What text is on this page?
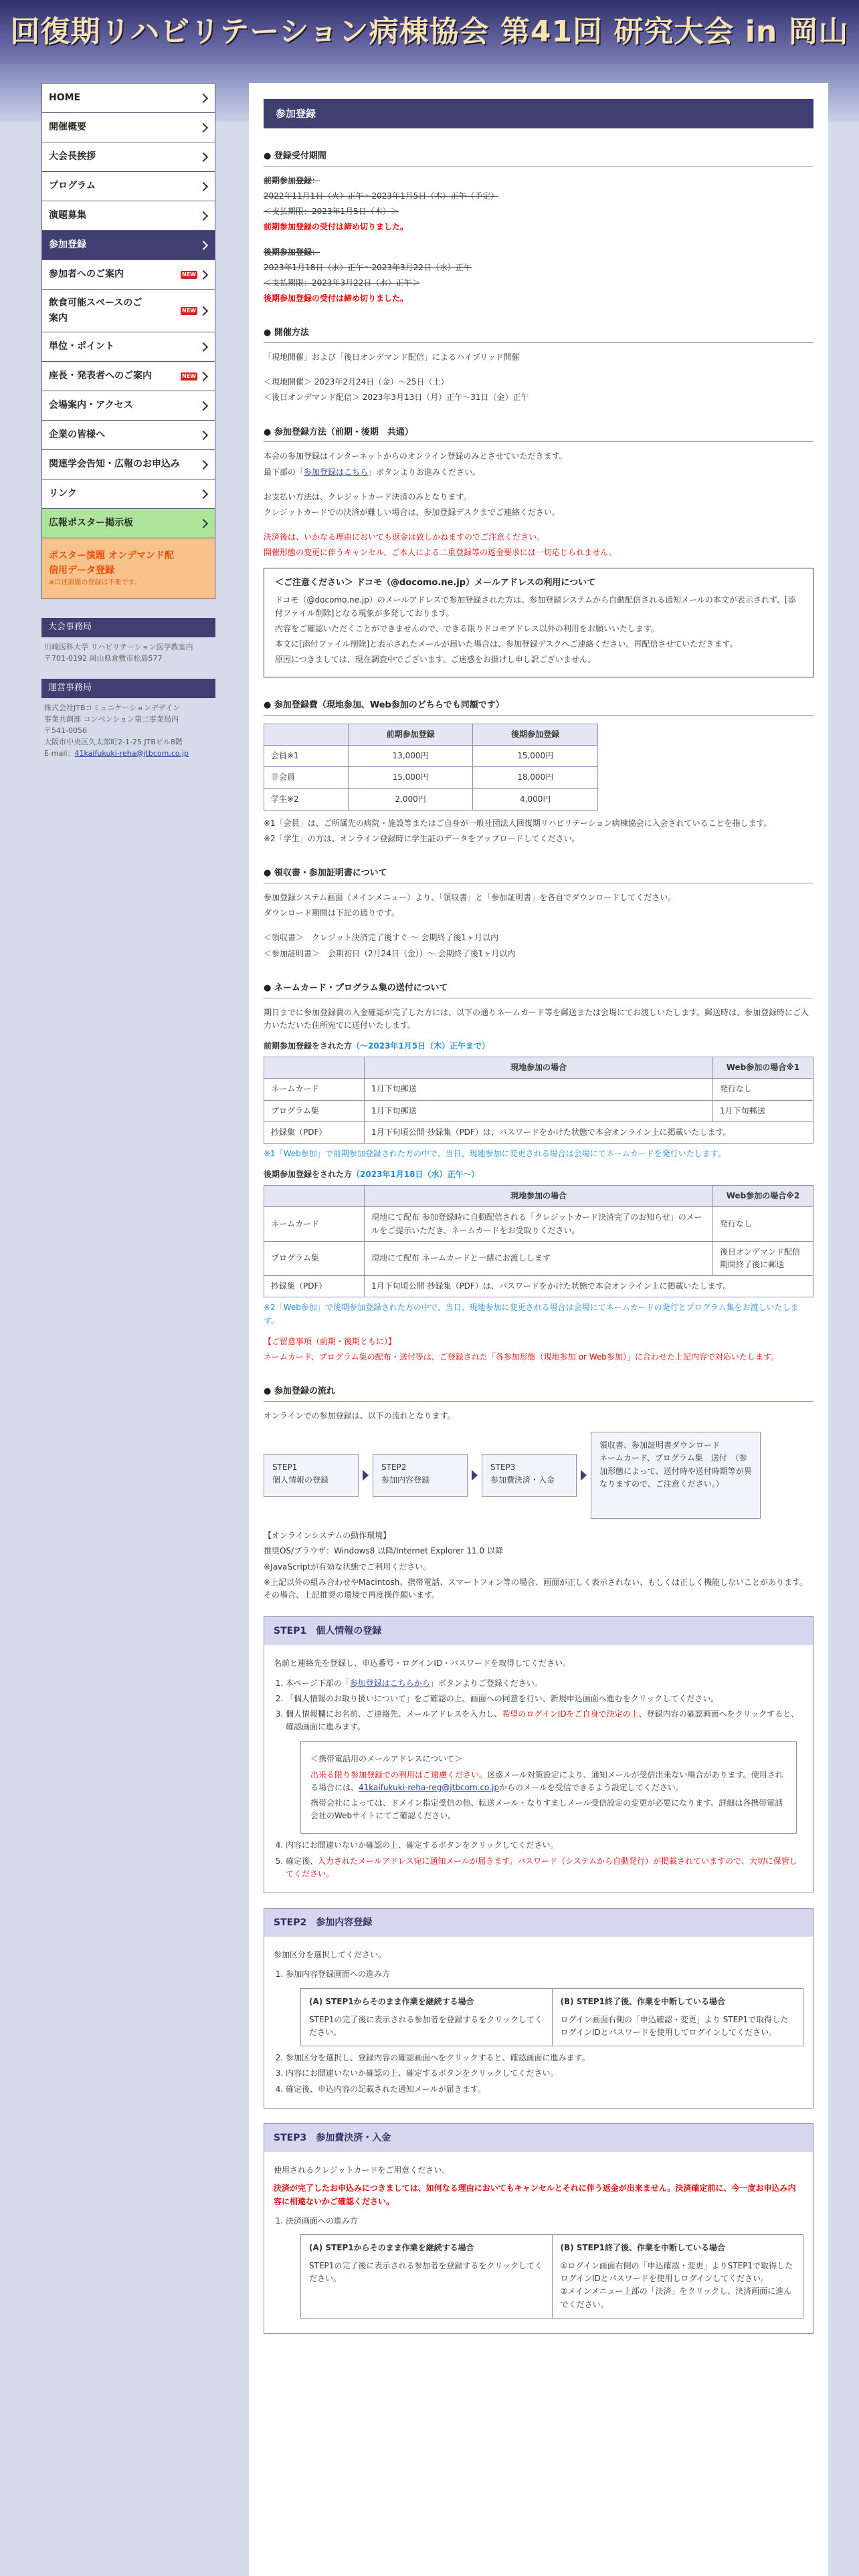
回復期リハビリテーション病棟協会 第41回 研究大会 in 岡山
HOME
開催概要
大会長挨拶
プログラム
演題募集
参加登録
参加者へのご案内	NEW
飲食可能スペースのご案内
NEW
単位・ポイント
座長・発表者へのご案内	NEW
会場案内・アクセス
企業の皆様へ
関連学会告知・広報のお申込み
リンク
広報ポスター掲示板
ポスター演題 オンデマンド配信用データ登録
※口述演題の登録は不要です。
大会事務局
川崎医科大学 リハビリテーション医学教室内
〒701-0192 岡山県倉敷市松島577
運営事務局
株式会社JTBコミュニケーションデザイン
事業共創部 コンベンション第二事業局内
〒541-0056
大阪市中央区久太郎町2-1-25 JTBビル8階
E-mail：41kaifukuki-reha@jtbcom.co.jp
参加登録
● 登録受付期間
前期参加登録：
2022年11月1日（火）正午〜2023年1月5日（木）正午（予定）
＜支払期限：2023年1月5日（木）＞
前期参加登録の受付は締め切りました。
後期参加登録：
2023年1月18日（水）正午〜2023年3月22日（水）正午
＜支払期限：2023年3月22日（水）正午＞
後期参加登録の受付は締め切りました。
● 開催方法
「現地開催」および「後日オンデマンド配信」によるハイブリッド開催
＜現地開催＞ 2023年2月24日（金）〜25日（土）
＜後日オンデマンド配信＞ 2023年3月13日（月）正午〜31日（金）正午
● 参加登録方法（前期・後期　共通）
本会の参加登録はインターネットからのオンライン登録のみとさせていただきます。
最下部の「参加登録はこちら」ボタンよりお進みください。
お支払い方法は、クレジットカード決済のみとなります。
クレジットカードでの決済が難しい場合は、参加登録デスクまでご連絡ください。
決済後は、いかなる理由においても返金は致しかねますのでご注意ください。
開催形態の変更に伴うキャンセル、ご本人による二重登録等の返金要求には一切応じられません。
＜ご注意ください＞ ドコモ（@docomo.ne.jp）メールアドレスの利用について
ドコモ（@docomo.ne.jp）のメールアドレスで参加登録された方は、参加登録システムから自動配信される通知メールの本文が表示されず、[添付ファイル削除]となる現象が多発しております。
内容をご確認いただくことができませんので、できる限りドコモアドレス以外の利用をお願いいたします。
本文に[添付ファイル削除]と表示されたメールが届いた場合は、参加登録デスクへご連絡ください。再配信させていただきます。
原因につきましては、現在調査中でございます。ご迷惑をお掛けし申し訳ございません。
● 参加登録費（現地参加、Web参加のどちらでも同額です）
	前期参加登録	後期参加登録
会員※1	13,000円	15,000円
非会員	15,000円	18,000円
学生※2	2,000円	4,000円
※1「会員」は、ご所属先の病院・施設等またはご自身が一般社団法人回復期リハビリテーション病棟協会に入会されていることを指します。
※2「学生」の方は、オンライン登録時に学生証のデータをアップロードしてください。
● 領収書・参加証明書について
参加登録システム画面（メインメニュー）より、「領収書」と「参加証明書」を各自でダウンロードしてください。
ダウンロード期間は下記の通りです。
＜領収書＞　クレジット決済完了後すぐ 〜 会期終了後1ヶ月以内
＜参加証明書＞　会期初日（2月24日（金））〜 会期終了後1ヶ月以内
● ネームカード・プログラム集の送付について
期日までに参加登録費の入金確認が完了した方には、以下の通りネームカード等を郵送または会場にてお渡しいたします。郵送時は、参加登録時にご入力いただいた住所宛てに送付いたします。
前期参加登録をされた方（〜2023年1月5日（木）正午まで）
	現地参加の場合	Web参加の場合※1
ネームカード	1月下旬郵送	発行なし
プログラム集	1月下旬郵送	1月下旬郵送
抄録集（PDF）	1月下旬頃公開 抄録集（PDF）は、パスワードをかけた状態で本会オンライン上に掲載いたします。	
※1「Web参加」で前期参加登録された方の中で、当日、現地参加に変更される場合は会場にてネームカードを発行いたします。
後期参加登録をされた方（2023年1月18日（水）正午〜）
	現地参加の場合	Web参加の場合※2
ネームカード	現地にて配布 参加登録時に自動配信される「クレジットカード決済完了のお知らせ」のメールをご提示いただき、ネームカードをお受取りください。	発行なし
プログラム集	現地にて配布 ネームカードと一緒にお渡しします	後日オンデマンド配信期間終了後に郵送
抄録集（PDF）	1月下旬頃公開 抄録集（PDF）は、パスワードをかけた状態で本会オンライン上に掲載いたします。	
※2「Web参加」で後期参加登録された方の中で、当日、現地参加に変更される場合は会場にてネームカードの発行とプログラム集をお渡しいたします。
【ご留意事項（前期・後期ともに）】
ネームカード、プログラム集の配布・送付等は、ご登録された「各参加形態（現地参加 or Web参加）」に合わせた上記内容で対応いたします。
● 参加登録の流れ
オンラインでの参加登録は、以下の流れとなります。
STEP1
個人情報の登録
STEP2
参加内容登録
STEP3
参加費決済・入金
領収書、参加証明書ダウンロード
ネームカード、プログラム集　送付　（参加形態によって、送付時や送付時期等が異なりますので、ご注意ください。）
【オンラインシステムの動作環境】
推奨OS/ブラウザ：Windows8 以降/Internet Explorer 11.0 以降
※JavaScriptが有効な状態でご利用ください。
※上記以外の組み合わせやMacintosh、携帯電話、スマートフォン等の場合、画面が正しく表示されない、もしくは正しく機能しないことがあります。その場合、上記推奨の環境で再度操作願います。
STEP1　個人情報の登録
名前と連絡先を登録し、申込番号・ログインID・パスワードを取得してください。
1. 本ページ下部の「参加登録はこちらから」ボタンよりご登録ください。
2. 「個人情報のお取り扱いについて」をご確認の上、画面への同意を行い、新規申込画面へ進むをクリックしてください。
3. 個人情報欄にお名前、ご連絡先、メールアドレスを入力し、希望のログインIDをご自身で決定の上、登録内容の確認画面へをクリックすると、確認画面に進みます。
＜携帯電話用のメールアドレスについて＞
出来る限り参加登録での利用はご遠慮ください。迷惑メール対策設定により、通知メールが受信出来ない場合があります。使用される場合には、41kaifukuki-reha-reg@jtbcom.co.jpからのメールを受信できるよう設定してください。
携帯会社によっては、ドメイン指定受信の他、転送メール・なりすましメール受信設定の変更が必要になります。詳細は各携帯電話会社のWebサイトにてご確認ください。
4. 内容にお間違いないか確認の上、確定するボタンをクリックしてください。
5. 確定後、入力されたメールアドレス宛に通知メールが届きます。パスワード（システムから自動発行）が掲載されていますので、大切に保管してください。
STEP2　参加内容登録
参加区分を選択してください。
1. 参加内容登録画面への進み方
(A) STEP1からそのまま作業を継続する場合
STEP1の完了後に表示される参加者を登録するをクリックしてください。
(B) STEP1終了後、作業を中断している場合
ログイン画面右側の「申込確認・変更」より STEP1で取得したログインIDとパスワードを使用してログインしてください。
2. 参加区分を選択し、登録内容の確認画面へをクリックすると、確認画面に進みます。
3. 内容にお間違いないか確認の上、確定するボタンをクリックしてください。
4. 確定後、申込内容の記載された通知メールが届きます。
STEP3　参加費決済・入金
使用されるクレジットカードをご用意ください。
決済が完了したお申込みにつきましては、如何なる理由においてもキャンセルとそれに伴う返金が出来ません。決済確定前に、今一度お申込み内容に相違ないかご確認ください。
1. 決済画面への進み方
(A) STEP1からそのまま作業を継続する場合
STEP1の完了後に表示される参加者を登録するをクリックしてください。
(B) STEP1終了後、作業を中断している場合
①ログイン画面右側の「申込確認・変更」よりSTEP1で取得したログインIDとパスワードを使用しログインしてください。
②メインメニュー上部の「決済」をクリックし、決済画面に進んでください。
